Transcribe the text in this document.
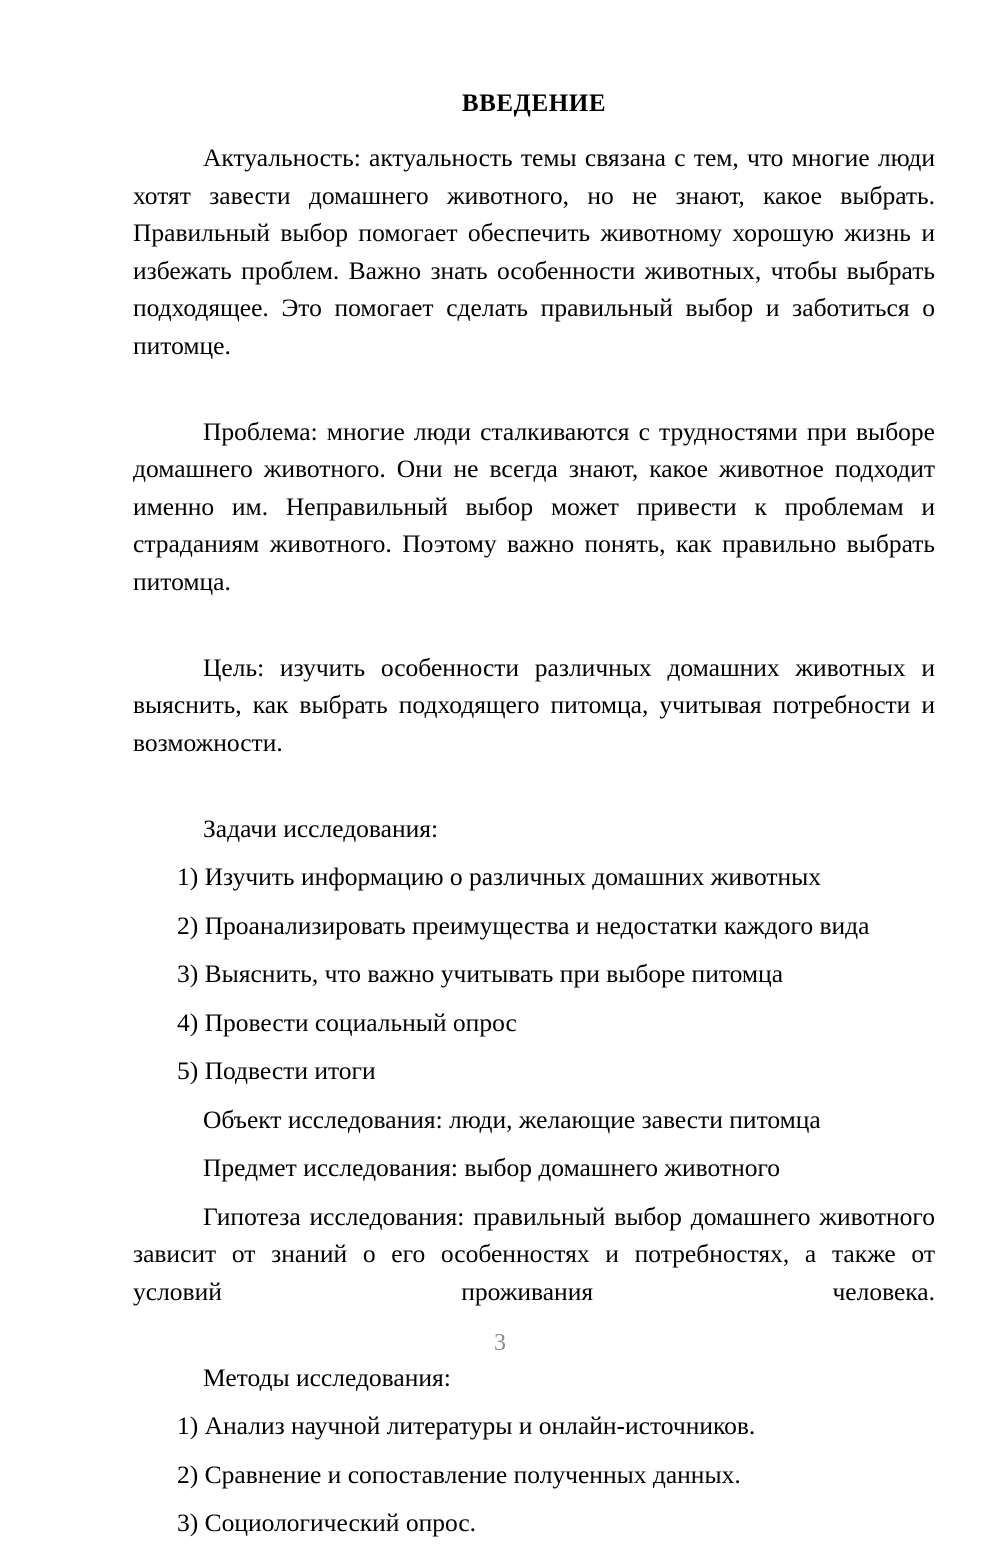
ВВЕДЕНИЕ

Актуальность: актуальность темы связана с тем, что многие люди хотят завести домашнего животного, но не знают, какое выбрать. Правильный выбор помогает обеспечить животному хорошую жизнь и избежать проблем. Важно знать особенности животных, чтобы выбрать подходящее. Это помогает сделать правильный выбор и заботиться о питомце.

Проблема: многие люди сталкиваются с трудностями при выборе домашнего животного. Они не всегда знают, какое животное подходит именно им. Неправильный выбор может привести к проблемам и страданиям животного. Поэтому важно понять, как правильно выбрать питомца.

Цель: изучить особенности различных домашних животных и выяснить, как выбрать подходящего питомца, учитывая потребности и возможности.

Задачи исследования:

1) Изучить информацию о различных домашних животных

2) Проанализировать преимущества и недостатки каждого вида

3) Выяснить, что важно учитывать при выборе питомца

4) Провести социальный опрос

5) Подвести итоги

Объект исследования: люди, желающие завести питомца

Предмет исследования: выбор домашнего животного

Гипотеза исследования: правильный выбор домашнего животного зависит от знаний о его особенностях и потребностях, а также от условий проживания человека.

Методы исследования:

1) Анализ научной литературы и онлайн-источников.

2) Сравнение и сопоставление полученных данных.

3) Социологический опрос.

3
